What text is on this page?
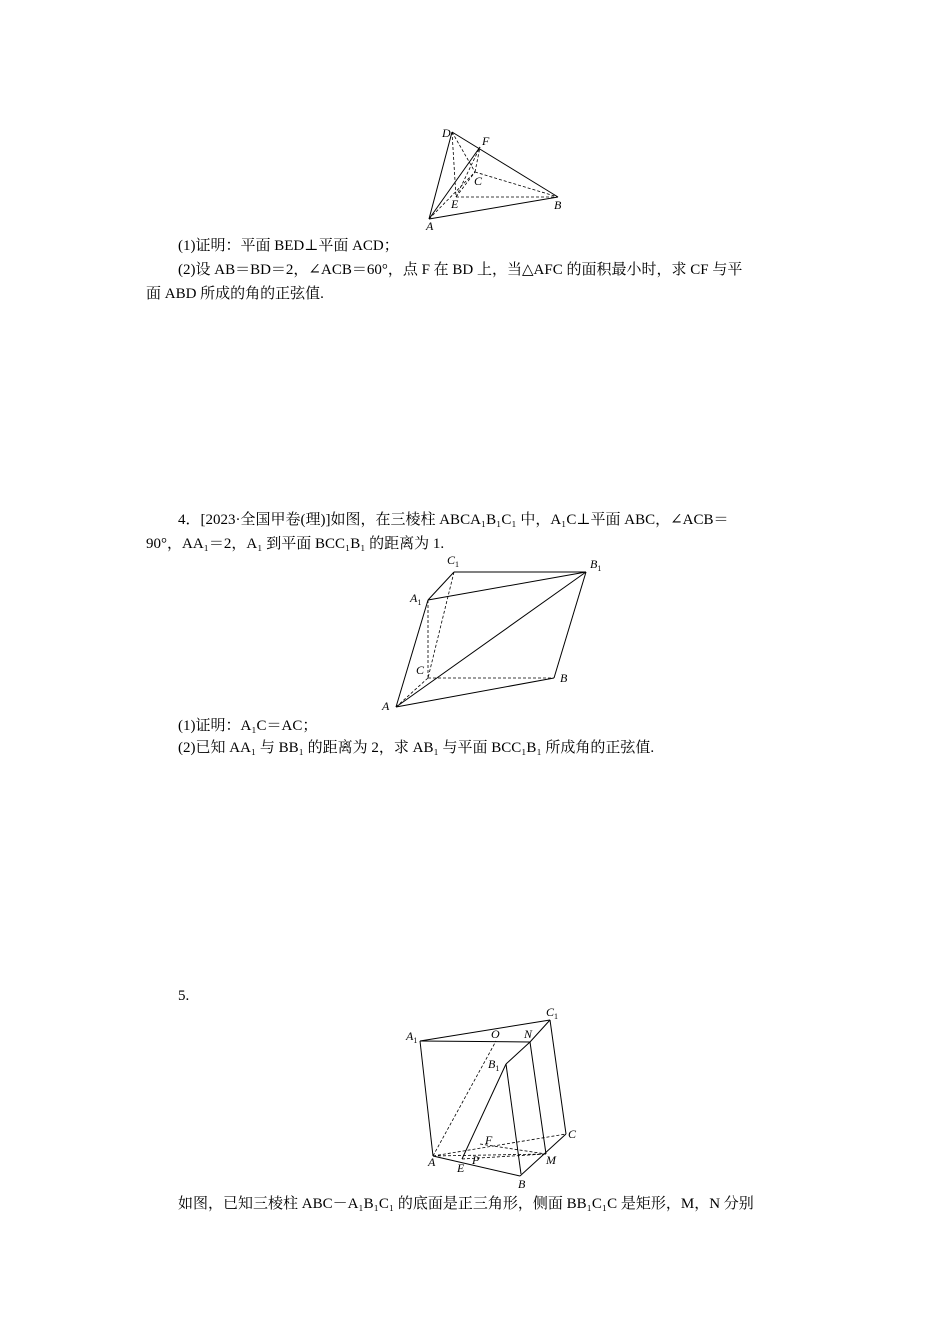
D
F
C
E	B
A
(1)证明：平面 BED⊥平面 ACD；
(2)设 AB＝BD＝2，∠ACB＝60°，点 F 在 BD 上，当△AFC 的面积最小时，求 CF 与平
面 ABD 所成的角的正弦值.
4．[2023·全国甲卷(理)]如图，在三棱柱 ABCA₁B₁C₁ 中，A₁C⊥平面 ABC，∠ACB＝
90°，AA₁＝2，A₁ 到平面 BCC₁B₁ 的距离为 1.
$C_1$	$B_1$
$A_1$
C
B
A
(1)证明：A₁C＝AC；
(2)已知 AA₁ 与 BB₁ 的距离为 2，求 AB₁ 与平面 BCC₁B₁ 所成角的正弦值.
5.
$C_1$
$A_1$	O N
$B_1$
F	C
A E
P	M
B
如图，已知三棱柱 ABC－A₁B₁C₁ 的底面是正三角形，侧面 BB₁C₁C 是矩形，M，N 分别
